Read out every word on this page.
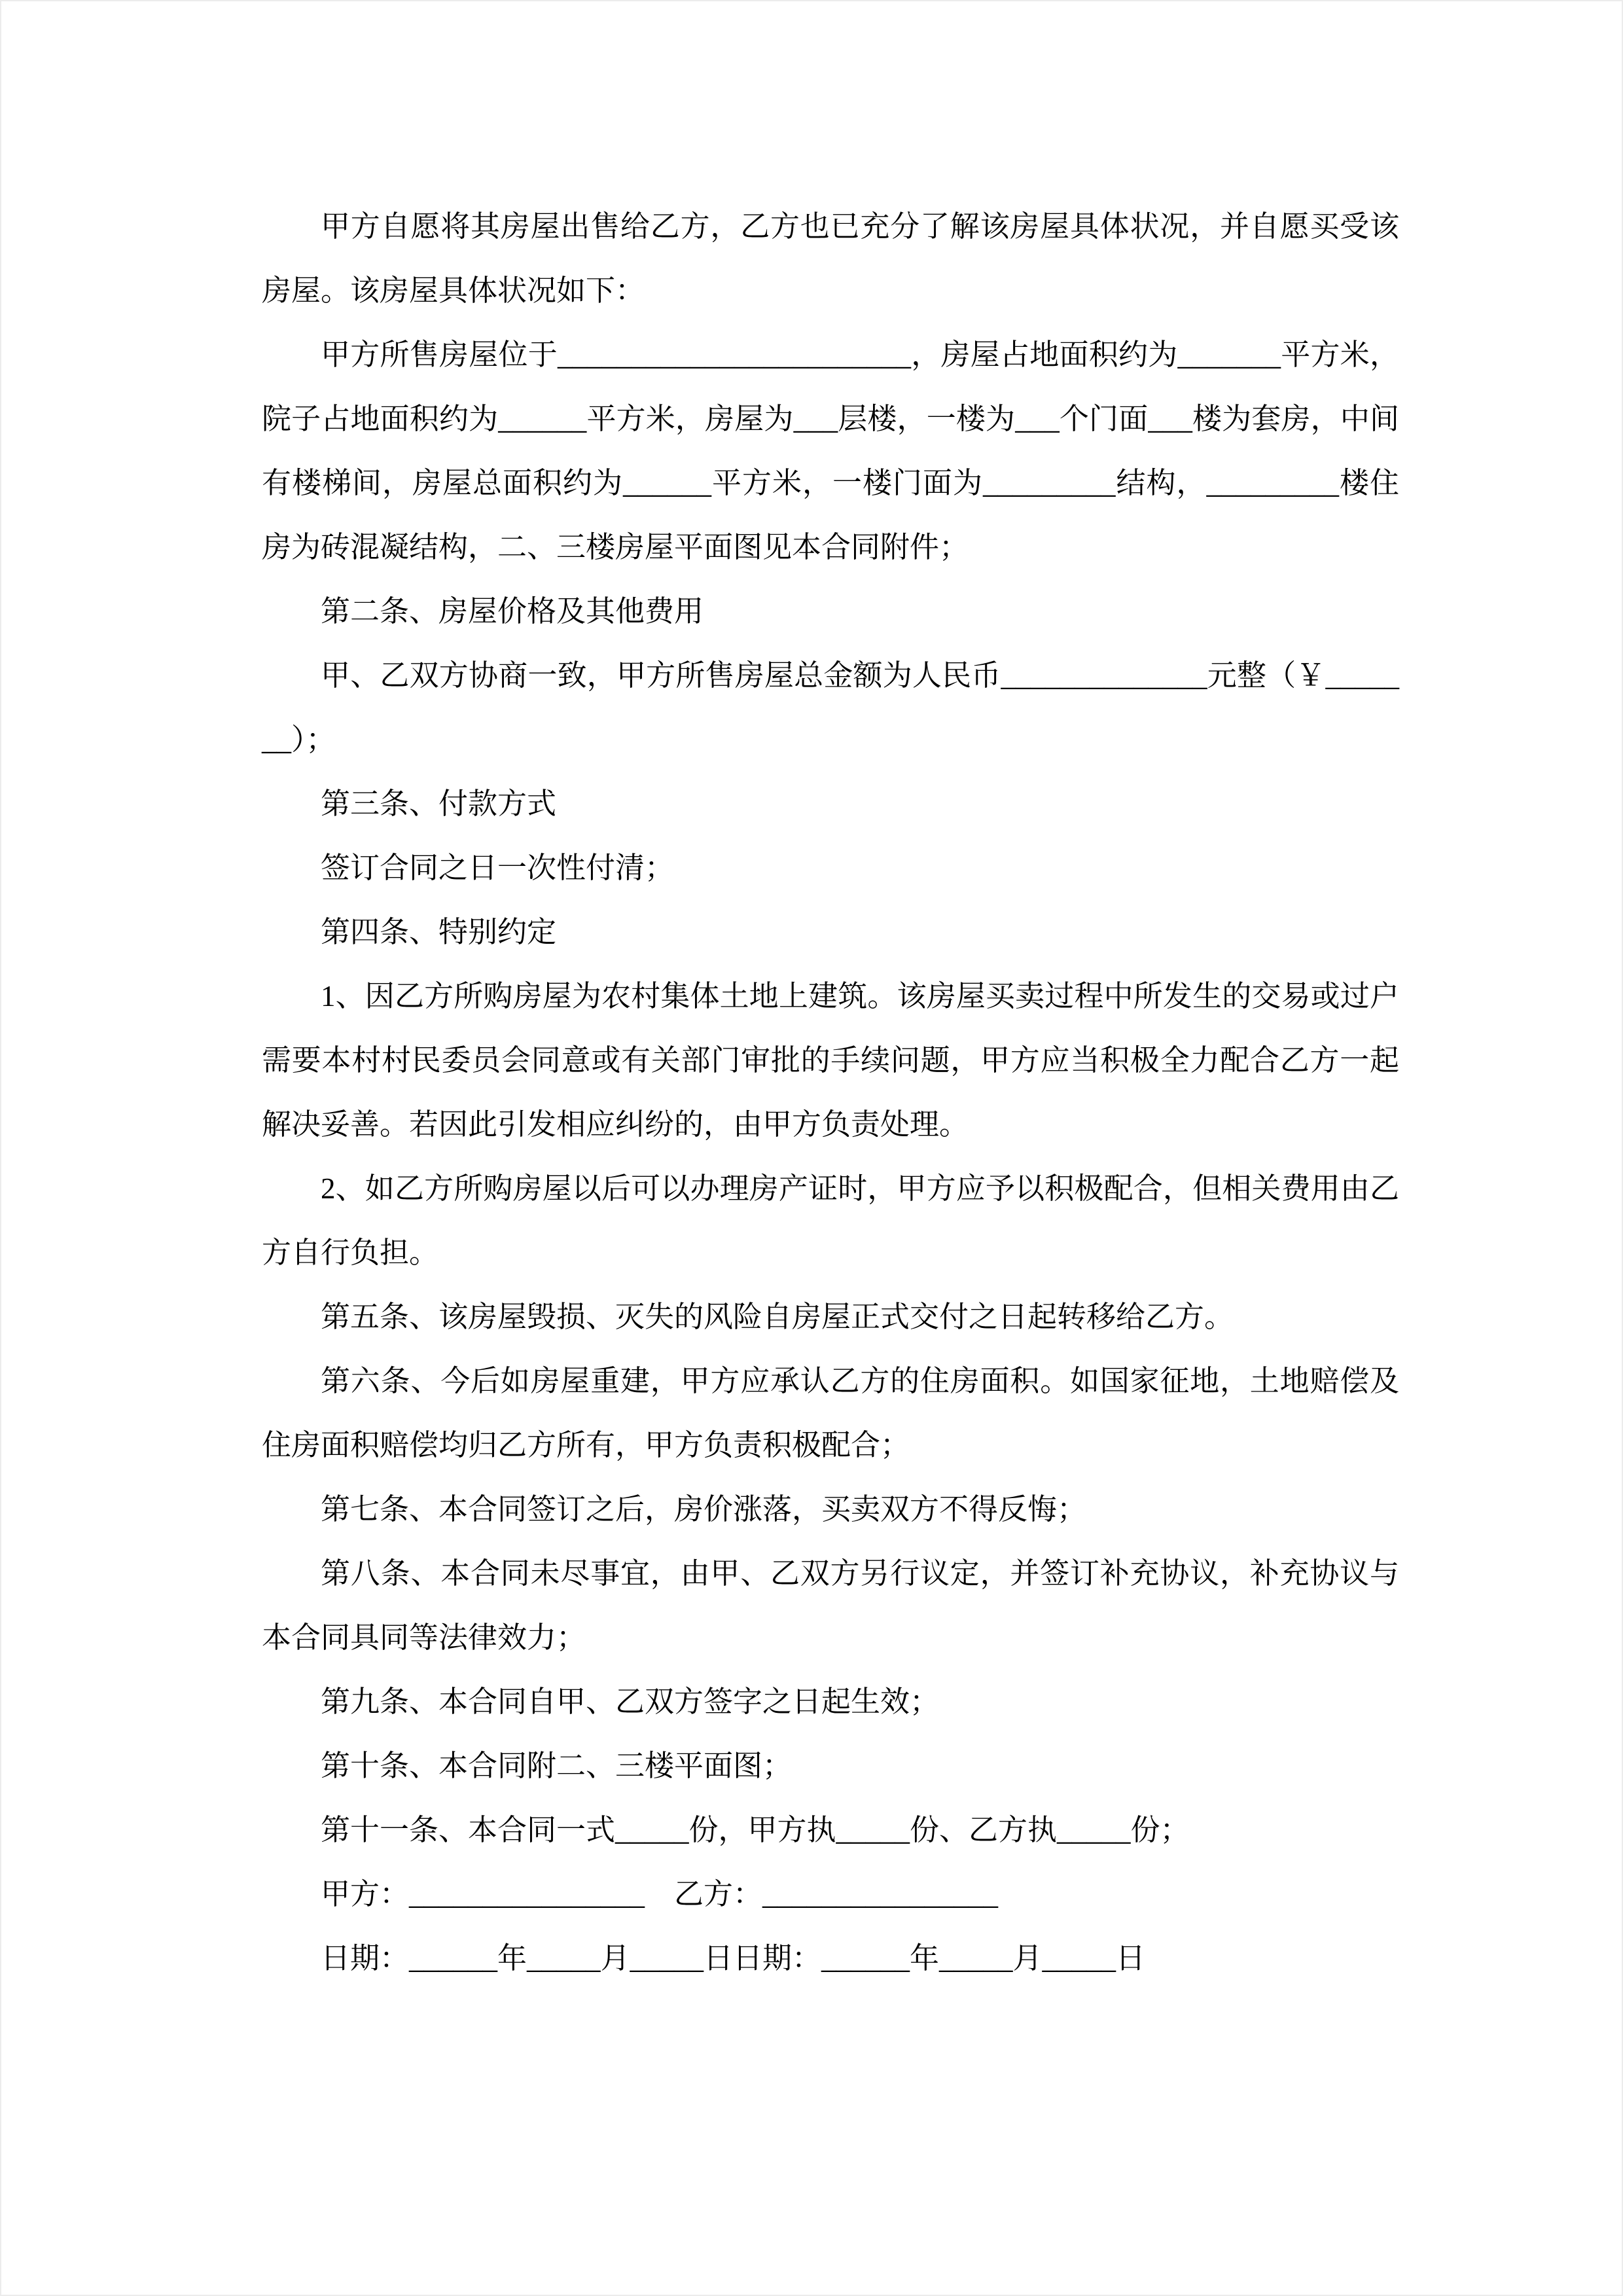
甲方自愿将其房屋出售给乙方，乙方也已充分了解该房屋具体状况，并自愿买受该房屋。该房屋具体状况如下：

甲方所售房屋位于________________________，房屋占地面积约为_______平方米，院子占地面积约为______平方米，房屋为___层楼，一楼为___个门面___楼为套房，中间有楼梯间，房屋总面积约为______平方米，一楼门面为_________结构，_________楼住房为砖混凝结构，二、三楼房屋平面图见本合同附件；

第二条、房屋价格及其他费用

甲、乙双方协商一致，甲方所售房屋总金额为人民币______________元整（￥_______）；

第三条、付款方式

签订合同之日一次性付清；

第四条、特别约定

1、因乙方所购房屋为农村集体土地上建筑。该房屋买卖过程中所发生的交易或过户需要本村村民委员会同意或有关部门审批的手续问题，甲方应当积极全力配合乙方一起解决妥善。若因此引发相应纠纷的，由甲方负责处理。

2、如乙方所购房屋以后可以办理房产证时，甲方应予以积极配合，但相关费用由乙方自行负担。

第五条、该房屋毁损、灭失的风险自房屋正式交付之日起转移给乙方。

第六条、今后如房屋重建，甲方应承认乙方的住房面积。如国家征地，土地赔偿及住房面积赔偿均归乙方所有，甲方负责积极配合；

第七条、本合同签订之后，房价涨落，买卖双方不得反悔；

第八条、本合同未尽事宜，由甲、乙双方另行议定，并签订补充协议，补充协议与本合同具同等法律效力；

第九条、本合同自甲、乙双方签字之日起生效；

第十条、本合同附二、三楼平面图；

第十一条、本合同一式_____份，甲方执_____份、乙方执_____份；

甲方：________________    乙方：________________

日期：______年_____月_____日日期：______年_____月_____日
